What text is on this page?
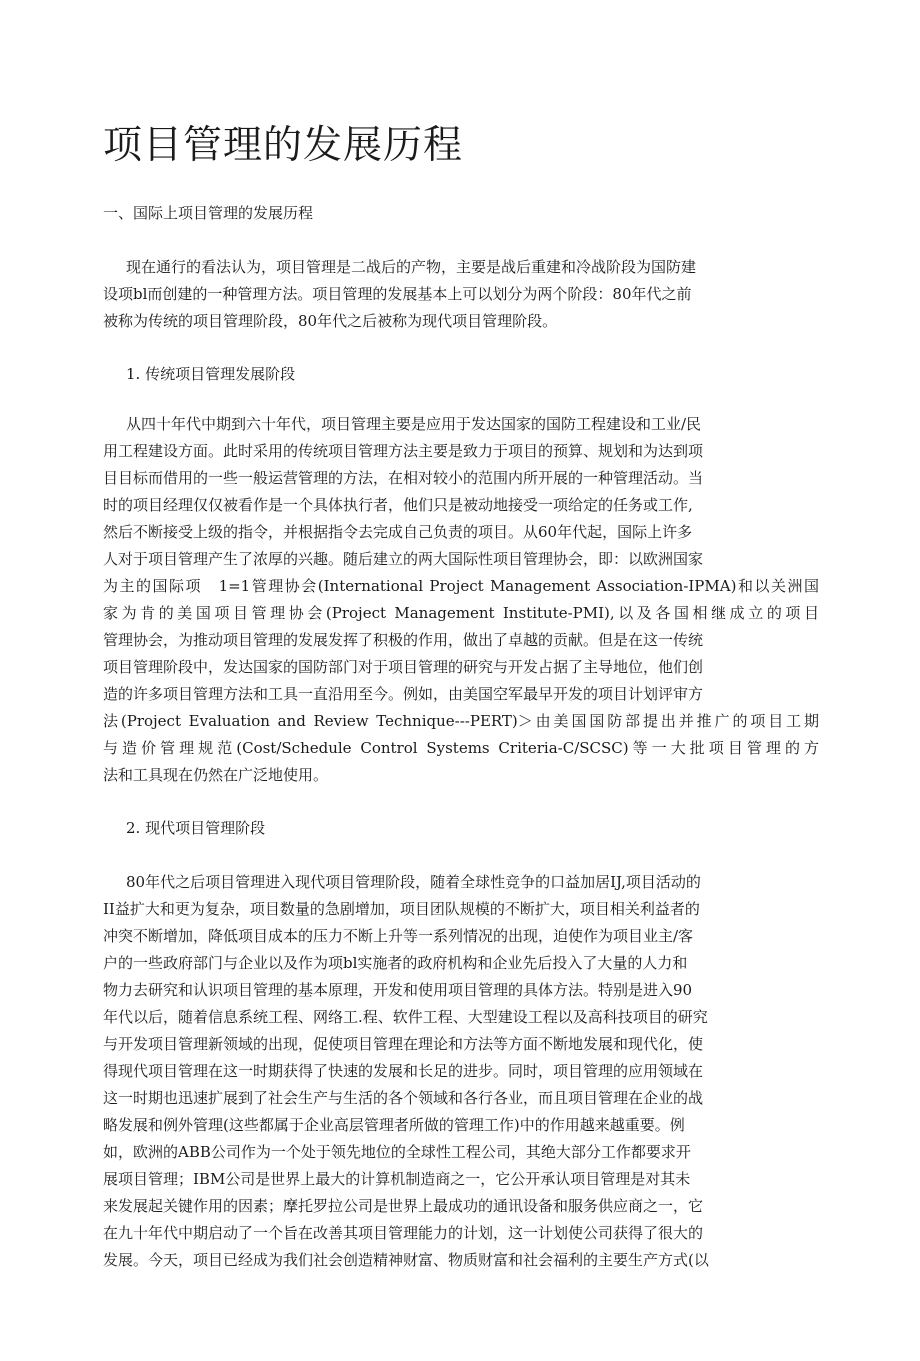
项目管理的发展历程
一、国际上项目管理的发展历程
现在通行的看法认为，项目管理是二战后的产物，主要是战后重建和冷战阶段为国防建
设项bl而创建的一种管理方法。项目管理的发展基本上可以划分为两个阶段：80年代之前
被称为传统的项目管理阶段，80年代之后被称为现代项目管理阶段。
1. 传统项目管理发展阶段
从四十年代中期到六十年代，项目管理主要是应用于发达国家的国防工程建设和工业/民
用工程建设方面。此时采用的传统项目管理方法主要是致力于项目的预算、规划和为达到项
目目标而借用的一些一般运营管理的方法，在相对较小的范围内所开展的一种管理活动。当
时的项目经理仅仅被看作是一个具体执行者，他们只是被动地接受一项给定的任务或工作,
然后不断接受上级的指令，并根据指令去完成自己负责的项目。从60年代起，国际上许多
人对于项目管理产生了浓厚的兴趣。随后建立的两大国际性项目管理协会，即：以欧洲国家
为主的国际项　1=1管理协会(International Project Management Association-IPMA)和以关洲国
家为肯的美国项目管理协会(Project Management Institute-PMI),以及各国相继成立的项目
管理协会，为推动项目管理的发展发挥了积极的作用，做出了卓越的贡献。但是在这一传统
项目管理阶段中，发达国家的国防部门对于项目管理的研究与开发占据了主导地位，他们创
造的许多项目管理方法和工具一直沿用至今。例如，由美国空军最早开发的项目计划评审方
法(Project Evaluation and Review Technique---PERT)＞由美国国防部提出并推广的项目工期
与造价管理规范(Cost/Schedule Control Systems Criteria-C/SCSC)等一大批项目管理的方
法和工具现在仍然在广泛地使用。
2. 现代项目管理阶段
80年代之后项目管理进入现代项目管理阶段，随着全球性竞争的口益加居IJ,项目活动的
II益扩大和更为复杂，项目数量的急剧增加，项目团队规模的不断扩大，项目相关利益者的
冲突不断增加，降低项目成本的压力不断上升等一系列情况的出现，迫使作为项目业主/客
户的一些政府部门与企业以及作为项bl实施者的政府机构和企业先后投入了大量的人力和
物力去研究和认识项目管理的基本原理，开发和使用项目管理的具体方法。特别是进入90
年代以后，随着信息系统工程、网络工.程、软件工程、大型建设工程以及高科技项目的研究
与开发项目管理新领域的出现，促使项目管理在理论和方法等方面不断地发展和现代化，使
得现代项目管理在这一时期获得了快速的发展和长足的进步。同时，项目管理的应用领域在
这一时期也迅速扩展到了社会生产与生活的各个领域和各行各业，而且项目管理在企业的战
略发展和例外管理(这些都属于企业高层管理者所做的管理工作)中的作用越来越重要。例
如，欧洲的ABB公司作为一个处于领先地位的全球性工程公司，其绝大部分工作都要求开
展项目管理；IBM公司是世界上最大的计算机制造商之一，它公开承认项目管理是对其未
来发展起关键作用的因素；摩托罗拉公司是世界上最成功的通讯设备和服务供应商之一，它
在九十年代中期启动了一个旨在改善其项目管理能力的计划，这一计划使公司获得了很大的
发展。今天，项目已经成为我们社会创造精神财富、物质财富和社会福利的主要生产方式(以
